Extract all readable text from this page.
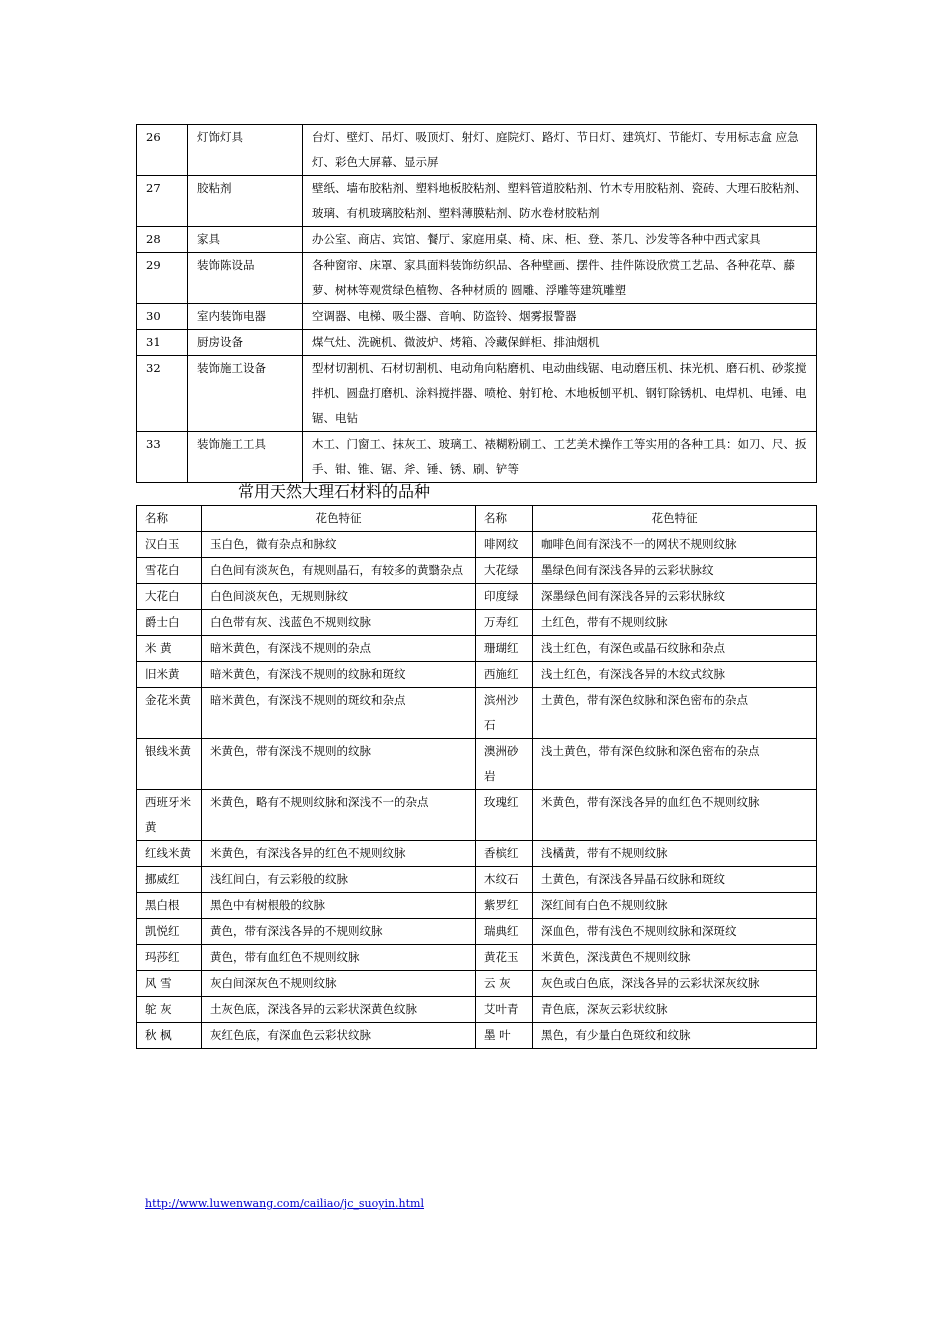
26	灯饰灯具	台灯、壁灯、吊灯、吸顶灯、射灯、庭院灯、路灯、节日灯、建筑灯、节能灯、专用标志盒 应急灯、彩色大屏幕、显示屏
27	胶粘剂	壁纸、墙布胶粘剂、塑料地板胶粘剂、塑料管道胶粘剂、竹木专用胶粘剂、瓷砖、大理石胶粘剂、玻璃、有机玻璃胶粘剂、塑料薄膜粘剂、防水卷材胶粘剂
28	家具	办公室、商店、宾馆、餐厅、家庭用桌、椅、床、柜、登、茶几、沙发等各种中西式家具
29	装饰陈设品	各种窗帘、床罩、家具面料装饰纺织品、各种壁画、摆件、挂件陈设欣赏工艺品、各种花草、藤萝、树林等观赏绿色植物、各种材质的 圆雕、浮雕等建筑雕塑
30	室内装饰电器	空调器、电梯、吸尘器、音响、防盗铃、烟雾报警器
31	厨房设备	煤气灶、洗碗机、微波炉、烤箱、冷藏保鲜柜、排油烟机
32	装饰施工设备	型材切割机、石材切割机、电动角向粘磨机、电动曲线锯、电动磨压机、抹光机、磨石机、砂浆搅拌机、圆盘打磨机、涂料搅拌器、喷枪、射钉枪、木地板刨平机、钢钉除锈机、电焊机、电锤、电锯、电钻
33	装饰施工工具	木工、门窗工、抹灰工、玻璃工、裱糊粉刷工、工艺美术操作工等实用的各种工具：如刀、尺、扳手、钳、锥、锯、斧、锤、锈、刷、铲等
常用天然大理石材料的品种
名称	花色特征	名称	花色特征
汉白玉	玉白色，微有杂点和脉纹	啡网纹	咖啡色间有深浅不一的网状不规则纹脉
雪花白	白色间有淡灰色，有规则晶石，有较多的黄翳杂点	大花绿	墨绿色间有深浅各异的云彩状脉纹
大花白	白色间淡灰色，无规则脉纹	印度绿	深墨绿色间有深浅各异的云彩状脉纹
爵士白	白色带有灰、浅蓝色不规则纹脉	万寿红	土红色，带有不规则纹脉
米 黄	暗米黄色，有深浅不规则的杂点	珊瑚红	浅土红色，有深色或晶石纹脉和杂点
旧米黄	暗米黄色，有深浅不规则的纹脉和斑纹	西施红	浅土红色，有深浅各异的木纹式纹脉
金花米黄	暗米黄色，有深浅不规则的斑纹和杂点	滨州沙石	土黄色，带有深色纹脉和深色密布的杂点
银线米黄	米黄色，带有深浅不规则的纹脉	澳洲砂岩	浅土黄色，带有深色纹脉和深色密布的杂点
西班牙米黄	米黄色，略有不规则纹脉和深浅不一的杂点	玫瑰红	米黄色，带有深浅各异的血红色不规则纹脉
红线米黄	米黄色，有深浅各异的红色不规则纹脉	香槟红	浅橘黄，带有不规则纹脉
挪威红	浅红间白，有云彩般的纹脉	木纹石	土黄色，有深浅各异晶石纹脉和斑纹
黑白根	黑色中有树根般的纹脉	紫罗红	深红间有白色不规则纹脉
凯悦红	黄色，带有深浅各异的不规则纹脉	瑞典红	深血色，带有浅色不规则纹脉和深斑纹
玛莎红	黄色，带有血红色不规则纹脉	黄花玉	米黄色，深浅黄色不规则纹脉
风 雪	灰白间深灰色不规则纹脉	云 灰	灰色或白色底，深浅各异的云彩状深灰纹脉
鸵 灰	土灰色底，深浅各异的云彩状深黄色纹脉	艾叶青	青色底，深灰云彩状纹脉
秋 枫	灰红色底，有深血色云彩状纹脉	墨 叶	黑色，有少量白色斑纹和纹脉
http://www.luwenwang.com/cailiao/jc_suoyin.html
